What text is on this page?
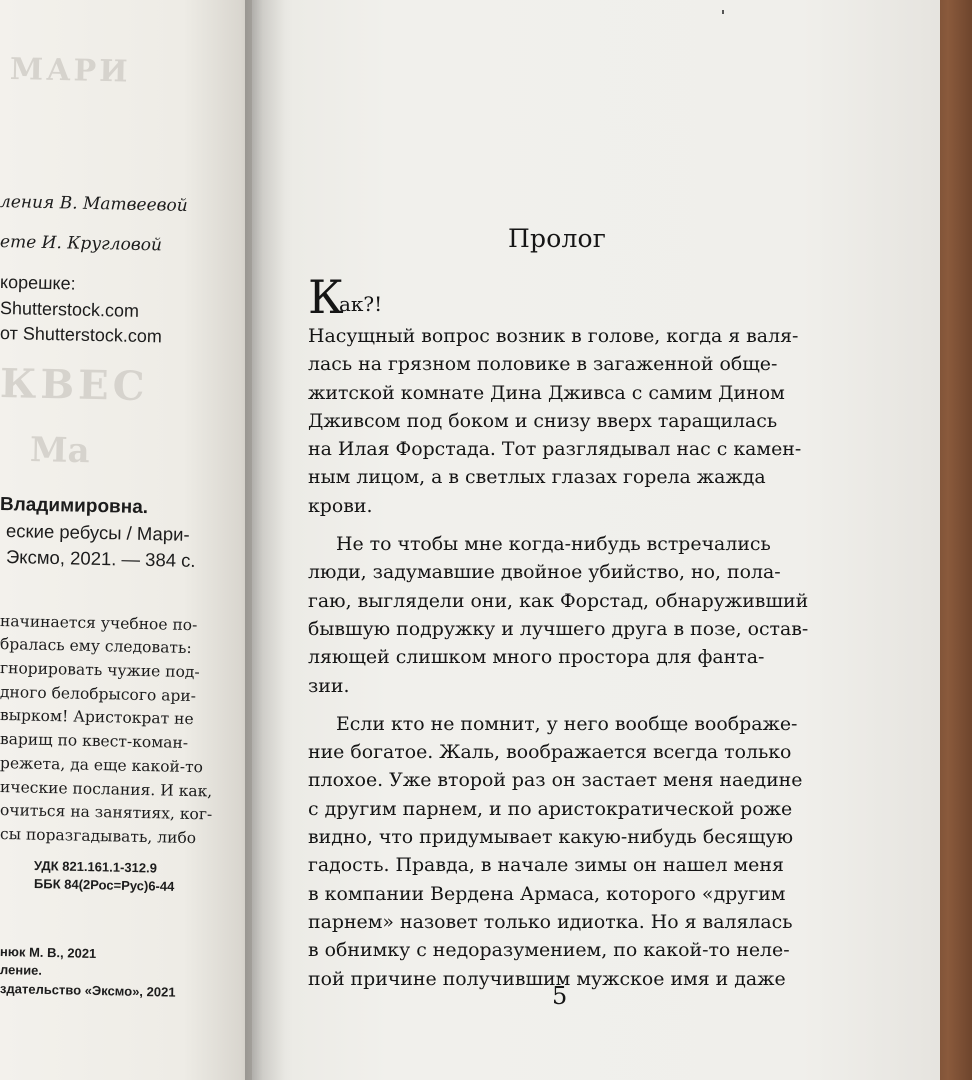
МАРИ
ления В. Матвеевой
ете И. Кругловой
корешке:
Shutterstock.com
от Shutterstock.com
КВЕС
Ма
Владимировна.
еские ребусы / Мари-
Эксмо, 2021. — 384 с.
начинается учебное по-
бралась ему следовать:
гнорировать чужие под-
дного белобрысого ари-
вырком! Аристократ не
варищ по квест-коман-
режета, да еще какой-то
ические послания. И как,
очиться на занятиях, ког-
сы поразгадывать, либо
УДК 821.161.1-312.9
ББК 84(2Рос=Рус)6-44
нюк М. В., 2021
ление.
здательство «Эксмо», 2021
Пролог
К
ак?!
Насущный вопрос возник в голове, когда я валя-
лась на грязном половике в загаженной обще-
житской комнате Дина Дживса с самим Дином
Дживсом под боком и снизу вверх таращилась
на Илая Форстада. Тот разглядывал нас с камен-
ным лицом, а в светлых глазах горела жажда
крови.
Не то чтобы мне когда-нибудь встречались
люди, задумавшие двойное убийство, но, пола-
гаю, выглядели они, как Форстад, обнаруживший
бывшую подружку и лучшего друга в позе, остав-
ляющей слишком много простора для фанта-
зии.
Если кто не помнит, у него вообще воображе-
ние богатое. Жаль, воображается всегда только
плохое. Уже второй раз он застает меня наедине
с другим парнем, и по аристократической роже
видно, что придумывает какую-нибудь бесящую
гадость. Правда, в начале зимы он нашел меня
в компании Вердена Армаса, которого «другим
парнем» назовет только идиотка. Но я валялась
в обнимку с недоразумением, по какой-то неле-
пой причине получившим мужское имя и даже
5
